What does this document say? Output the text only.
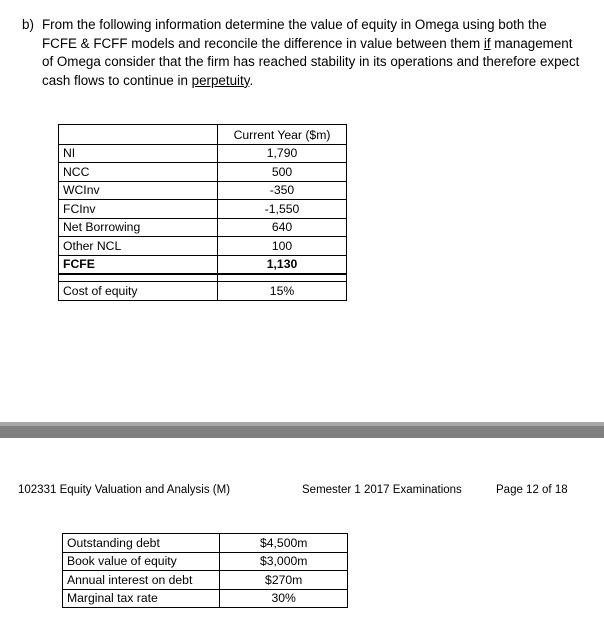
b) From the following information determine the value of equity in Omega using both the FCFE & FCFF models and reconcile the difference in value between them if management of Omega consider that the firm has reached stability in its operations and therefore expect cash flows to continue in perpetuity.
	Current Year ($m)
NI	1,790
NCC	500
WCInv	-350
FCInv	-1,550
Net Borrowing	640
Other NCL	100
FCFE	1,130

Cost of equity	15%
102331 Equity Valuation and Analysis (M)	Semester 1 2017 Examinations	Page 12 of 18
Outstanding debt	$4,500m
Book value of equity	$3,000m
Annual interest on debt	$270m
Marginal tax rate	30%
